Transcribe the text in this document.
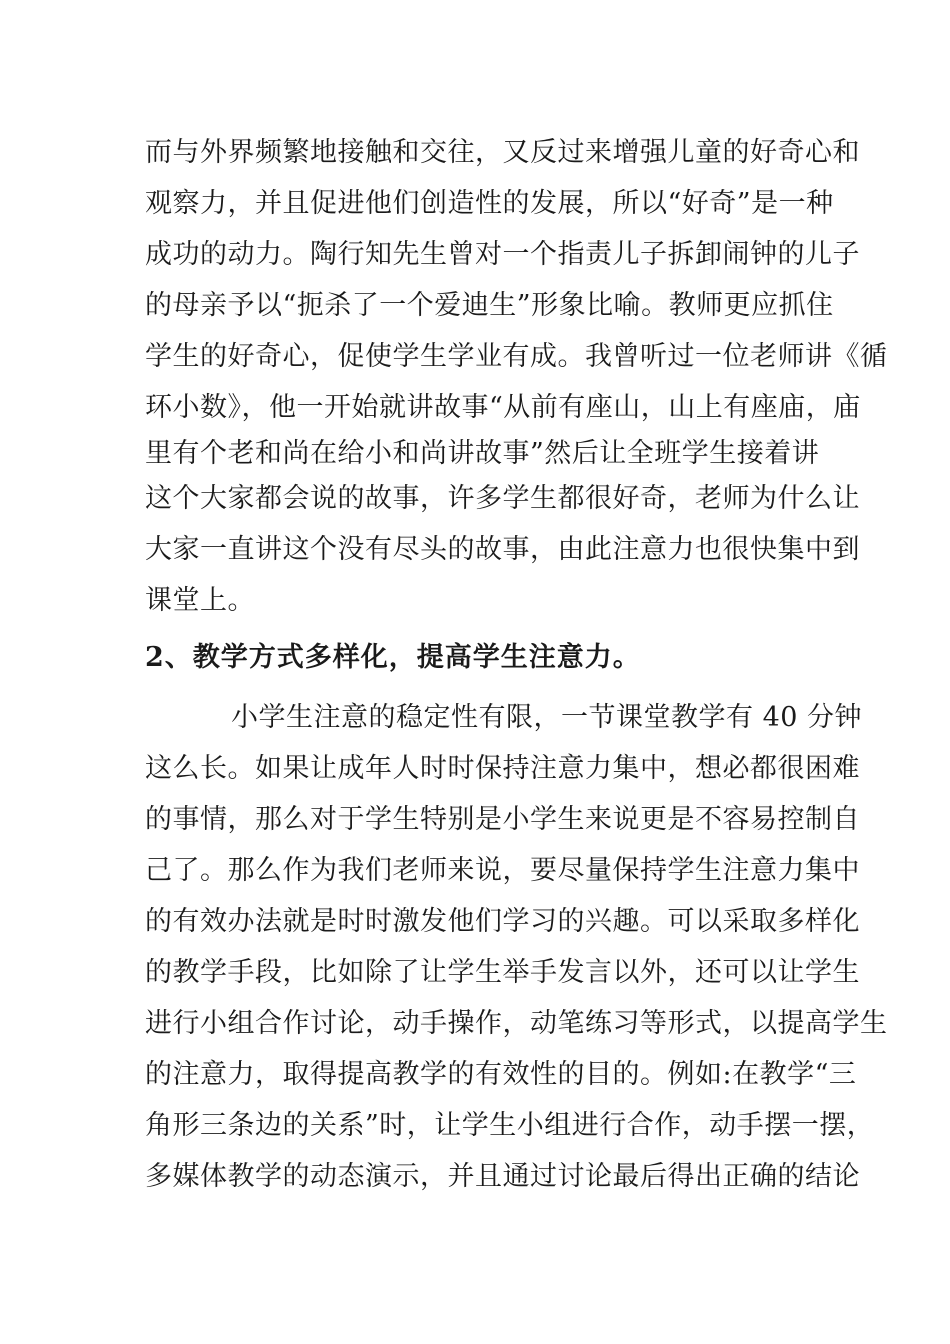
而与外界频繁地接触和交往，又反过来增强儿童的好奇心和
观察力，并且促进他们创造性的发展，所以“好奇”是一种
成功的动力。陶行知先生曾对一个指责儿子拆卸闹钟的儿子
的母亲予以“扼杀了一个爱迪生”形象比喻。教师更应抓住
学生的好奇心，促使学生学业有成。我曾听过一位老师讲《循
环小数》，他一开始就讲故事“从前有座山，山上有座庙，庙
里有个老和尚在给小和尚讲故事”然后让全班学生接着讲
这个大家都会说的故事，许多学生都很好奇，老师为什么让
大家一直讲这个没有尽头的故事，由此注意力也很快集中到
课堂上。
2、教学方式多样化，提高学生注意力。
小学生注意的稳定性有限，一节课堂教学有 40 分钟
这么长。如果让成年人时时保持注意力集中，想必都很困难
的事情，那么对于学生特别是小学生来说更是不容易控制自
己了。那么作为我们老师来说，要尽量保持学生注意力集中
的有效办法就是时时激发他们学习的兴趣。可以采取多样化
的教学手段，比如除了让学生举手发言以外，还可以让学生
进行小组合作讨论，动手操作，动笔练习等形式，以提高学生
的注意力，取得提高教学的有效性的目的。例如:在教学“三
角形三条边的关系”时，让学生小组进行合作，动手摆一摆，
多媒体教学的动态演示，并且通过讨论最后得出正确的结论
